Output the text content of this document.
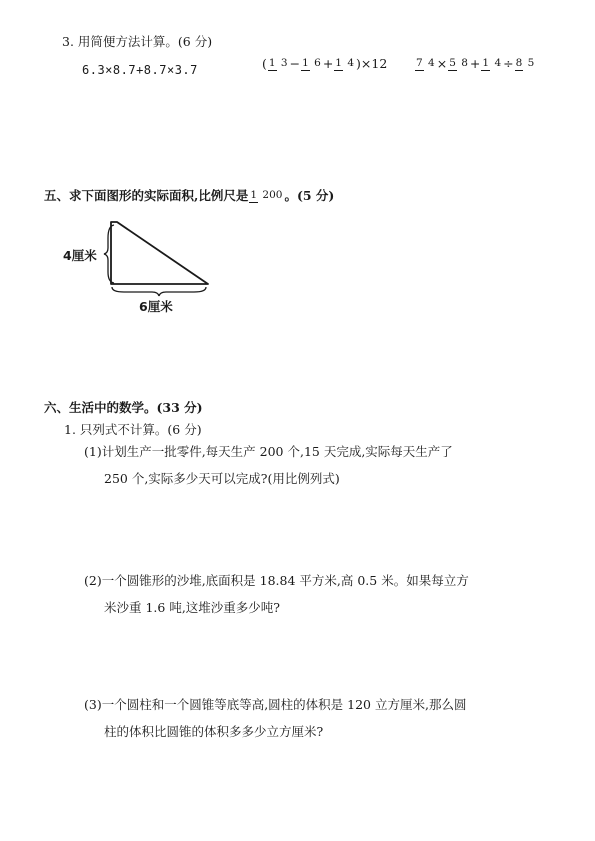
3. 用简便方法计算。(6 分)
6.3×8.7+8.7×3.7	( 1 3 − 1 6 + 1 4 )×12	7 4 × 5 8 + 1 4 ÷ 8 5
五、求下面图形的实际面积,比例尺是 1 200 。(5 分)
4厘米
6厘米
六、生活中的数学。(33 分)
1. 只列式不计算。(6 分)
(1)计划生产一批零件,每天生产 200 个,15 天完成,实际每天生产了
250 个,实际多少天可以完成?(用比例列式)
(2)一个圆锥形的沙堆,底面积是 18.84 平方米,高 0.5 米。如果每立方
米沙重 1.6 吨,这堆沙重多少吨?
(3)一个圆柱和一个圆锥等底等高,圆柱的体积是 120 立方厘米,那么圆
柱的体积比圆锥的体积多多少立方厘米?
